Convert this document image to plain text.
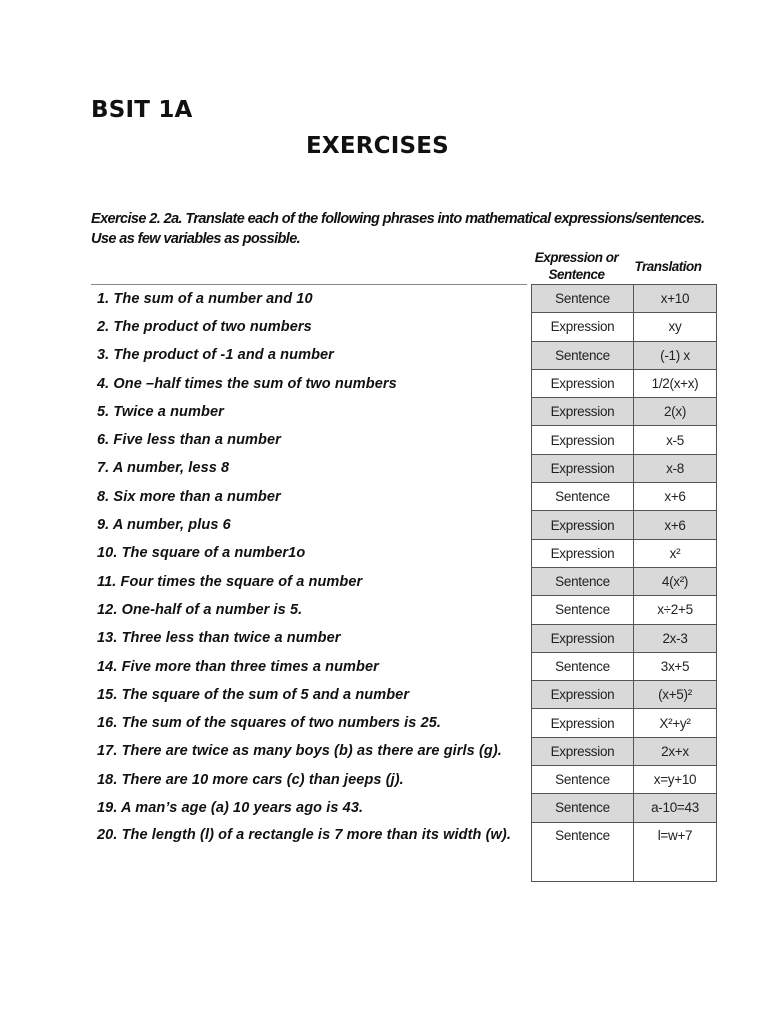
BSIT 1A
EXERCISES
Exercise 2. 2a. Translate each of the following phrases into mathematical expressions/sentences.
Use as few variables as possible.
Expression or Sentence
Translation
1. The sum of a number and 10	Sentence	x+10
2. The product of two numbers	Expression	xy
3. The product of -1 and a number	Sentence	(-1) x
4. One –half times the sum of two numbers	Expression	1/2(x+x)
5. Twice a number	Expression	2(x)
6. Five less than a number	Expression	x-5
7. A number, less 8	Expression	x-8
8. Six more than a number	Sentence	x+6
9. A number, plus 6	Expression	x+6
10. The square of a number1o	Expression	x²
11. Four times the square of a number	Sentence	4(x²)
12. One-half of a number is 5.	Sentence	x÷2+5
13. Three less than twice a number	Expression	2x-3
14. Five more than three times a number	Sentence	3x+5
15. The square of the sum of 5 and a number	Expression	(x+5)²
16. The sum of the squares of two numbers is 25.	Expression	X²+y²
17. There are twice as many boys (b) as there are girls (g).	Expression	2x+x
18. There are 10 more cars (c) than jeeps (j).	Sentence	x=y+10
19. A man’s age (a) 10 years ago is 43.	Sentence	a-10=43
20. The length (l) of a rectangle is 7 more than its width (w).	Sentence	l=w+7
